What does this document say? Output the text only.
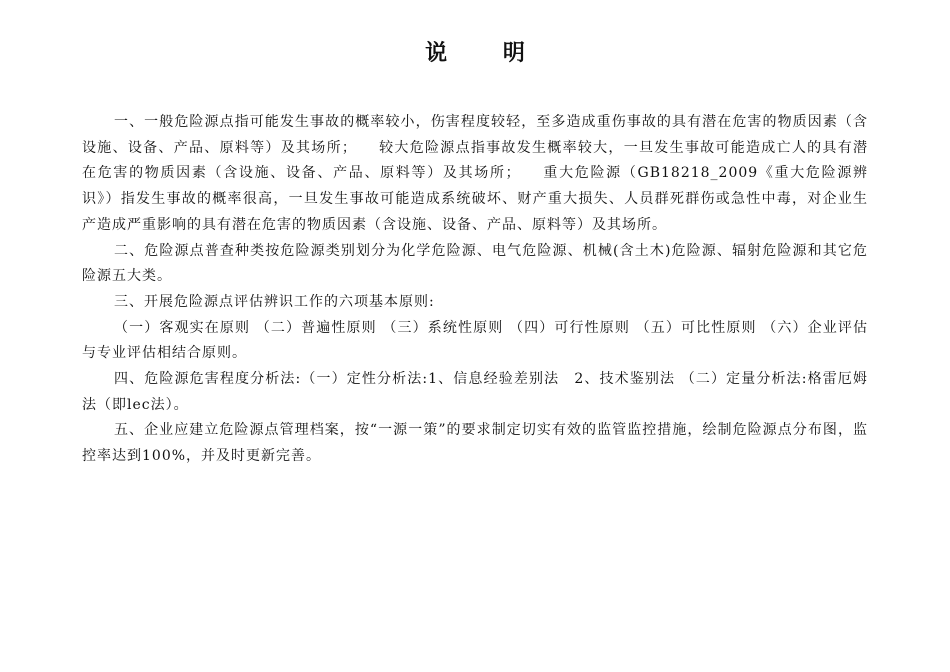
说 明

一、一般危险源点指可能发生事故的概率较小，伤害程度较轻，至多造成重伤事故的具有潜在危害的物质因素（含设施、设备、产品、原料等）及其场所； 较大危险源点指事故发生概率较大，一旦发生事故可能造成亡人的具有潜在危害的物质因素（含设施、设备、产品、原料等）及其场所； 重大危险源（GB18218_2009《重大危险源辨识》）指发生事故的概率很高，一旦发生事故可能造成系统破坏、财产重大损失、人员群死群伤或急性中毒，对企业生产造成严重影响的具有潜在危害的物质因素（含设施、设备、产品、原料等）及其场所。

二、危险源点普查种类按危险源类别划分为化学危险源、电气危险源、机械(含土木)危险源、辐射危险源和其它危险源五大类。

三、开展危险源点评估辨识工作的六项基本原则:

（一）客观实在原则 （二）普遍性原则 （三）系统性原则 （四）可行性原则 （五）可比性原则 （六）企业评估与专业评估相结合原则。

四、危险源危害程度分析法:（一）定性分析法:1、信息经验差别法　2、技术鉴别法 （二）定量分析法:格雷厄姆法（即lec法）。

五、企业应建立危险源点管理档案，按“一源一策”的要求制定切实有效的监管监控措施，绘制危险源点分布图，监控率达到100%，并及时更新完善。
